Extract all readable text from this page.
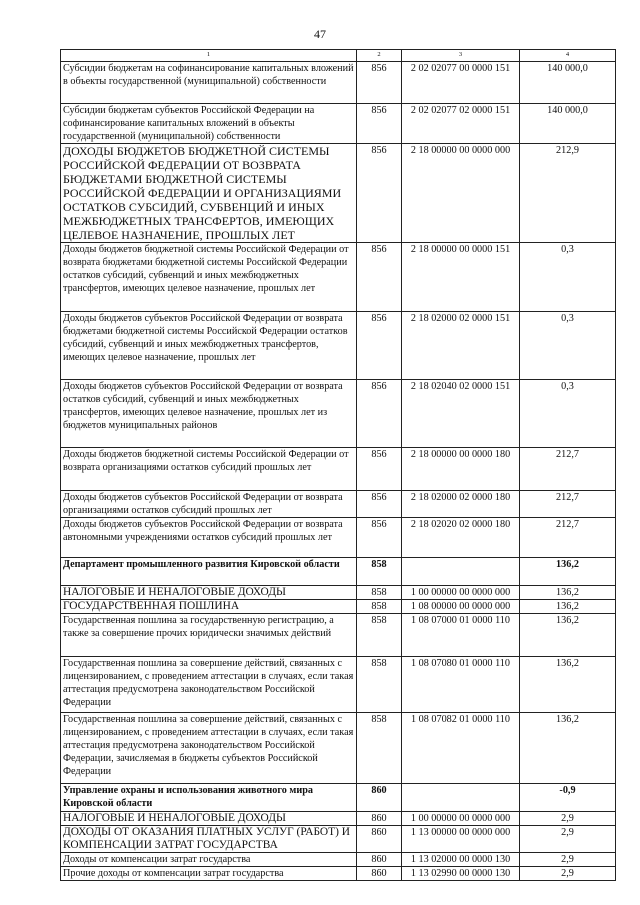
47
1	2	3	4
Субсидии бюджетам на софинансирование капитальных вложений в объекты государственной (муниципальной) собственности	856	2 02 02077 00 0000 151	140 000,0
Субсидии бюджетам субъектов Российской Федерации на софинансирование капитальных вложений в объекты государственной (муниципальной) собственности	856	2 02 02077 02 0000 151	140 000,0
ДОХОДЫ БЮДЖЕТОВ БЮДЖЕТНОЙ СИСТЕМЫ РОССИЙСКОЙ ФЕДЕРАЦИИ ОТ ВОЗВРАТА БЮДЖЕТАМИ БЮДЖЕТНОЙ СИСТЕМЫ РОССИЙСКОЙ ФЕДЕРАЦИИ И ОРГАНИЗАЦИЯМИ ОСТАТКОВ СУБСИДИЙ, СУБВЕНЦИЙ И ИНЫХ МЕЖБЮДЖЕТНЫХ ТРАНСФЕРТОВ, ИМЕЮЩИХ ЦЕЛЕВОЕ НАЗНАЧЕНИЕ, ПРОШЛЫХ ЛЕТ	856	2 18 00000 00 0000 000	212,9
Доходы бюджетов бюджетной системы Российской Федерации от возврата бюджетами бюджетной системы Российской Федерации остатков субсидий, субвенций и иных межбюджетных трансфертов, имеющих целевое назначение, прошлых лет	856	2 18 00000 00 0000 151	0,3
Доходы бюджетов субъектов Российской Федерации от возврата бюджетами бюджетной системы Российской Федерации остатков субсидий, субвенций и иных межбюджетных трансфертов, имеющих целевое назначение, прошлых лет	856	2 18 02000 02 0000 151	0,3
Доходы бюджетов субъектов Российской Федерации от возврата остатков субсидий, субвенций и иных межбюджетных трансфертов, имеющих целевое назначение, прошлых лет из бюджетов муниципальных районов	856	2 18 02040 02 0000 151	0,3
Доходы бюджетов бюджетной системы Российской Федерации от возврата организациями остатков субсидий прошлых лет	856	2 18 00000 00 0000 180	212,7
Доходы бюджетов субъектов Российской Федерации от возврата организациями остатков субсидий прошлых лет	856	2 18 02000 02 0000 180	212,7
Доходы бюджетов субъектов Российской Федерации от возврата автономными учреждениями остатков субсидий прошлых лет	856	2 18 02020 02 0000 180	212,7
Департамент промышленного развития Кировской области	858		136,2
НАЛОГОВЫЕ И НЕНАЛОГОВЫЕ ДОХОДЫ	858	1 00 00000 00 0000 000	136,2
ГОСУДАРСТВЕННАЯ ПОШЛИНА	858	1 08 00000 00 0000 000	136,2
Государственная пошлина за государственную регистрацию, а также за совершение прочих юридически значимых действий	858	1 08 07000 01 0000 110	136,2
Государственная пошлина за совершение действий, связанных с лицензированием, с проведением аттестации в случаях, если такая аттестация предусмотрена законодательством Российской Федерации	858	1 08 07080 01 0000 110	136,2
Государственная пошлина за совершение действий, связанных с лицензированием, с проведением аттестации в случаях, если такая аттестация предусмотрена законодательством Российской Федерации, зачисляемая в бюджеты субъектов Российской Федерации	858	1 08 07082 01 0000 110	136,2
Управление охраны и использования животного мира Кировской области	860		-0,9
НАЛОГОВЫЕ И НЕНАЛОГОВЫЕ ДОХОДЫ	860	1 00 00000 00 0000 000	2,9
ДОХОДЫ ОТ ОКАЗАНИЯ ПЛАТНЫХ УСЛУГ (РАБОТ) И КОМПЕНСАЦИИ ЗАТРАТ ГОСУДАРСТВА	860	1 13 00000 00 0000 000	2,9
Доходы от компенсации затрат государства	860	1 13 02000 00 0000 130	2,9
Прочие доходы от компенсации затрат государства	860	1 13 02990 00 0000 130	2,9
